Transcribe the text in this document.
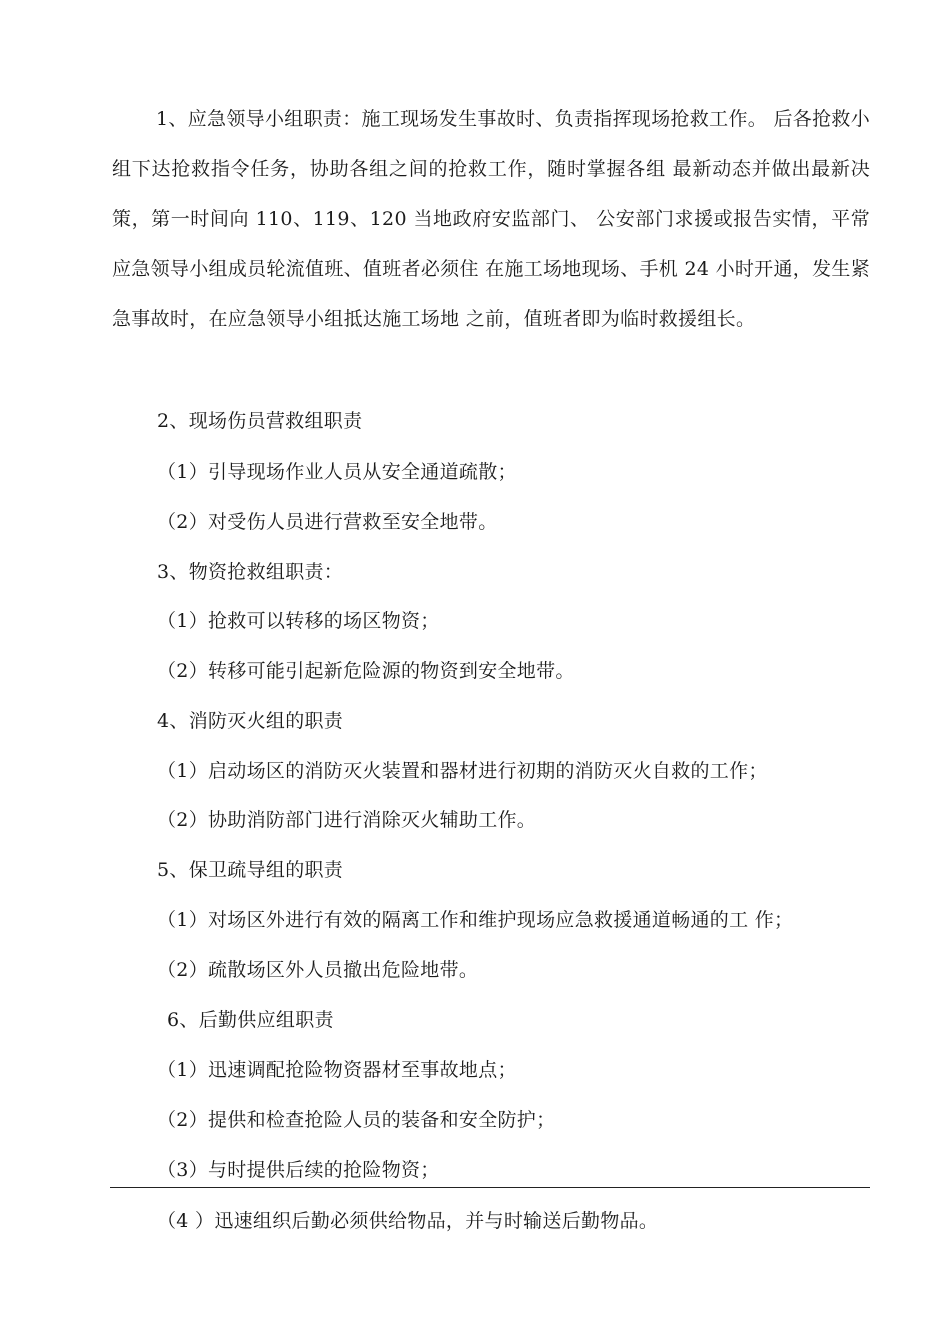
1、应急领导小组职责：施工现场发生事故时、负责指挥现场抢救工作。 后各抢救小组下达抢救指令任务，协助各组之间的抢救工作，随时掌握各组 最新动态并做出最新决策，第一时间向 110、119、120 当地政府安监部门、 公安部门求援或报告实情，平常应急领导小组成员轮流值班、值班者必须住 在施工场地现场、手机 24 小时开通，发生紧急事故时，在应急领导小组抵达施工场地 之前，值班者即为临时救援组长。

2、现场伤员营救组职责

（1）引导现场作业人员从安全通道疏散；

（2）对受伤人员进行营救至安全地带。

3、物资抢救组职责：

（1）抢救可以转移的场区物资；

（2）转移可能引起新危险源的物资到安全地带。

4、消防灭火组的职责

（1）启动场区的消防灭火装置和器材进行初期的消防灭火自救的工作；

（2）协助消防部门进行消除灭火辅助工作。

5、保卫疏导组的职责

（1）对场区外进行有效的隔离工作和维护现场应急救援通道畅通的工 作；

（2）疏散场区外人员撤出危险地带。

6、后勤供应组职责

（1）迅速调配抢险物资器材至事故地点；

（2）提供和检查抢险人员的装备和安全防护；

（3）与时提供后续的抢险物资；

（4 ）迅速组织后勤必须供给物品，并与时输送后勤物品。
